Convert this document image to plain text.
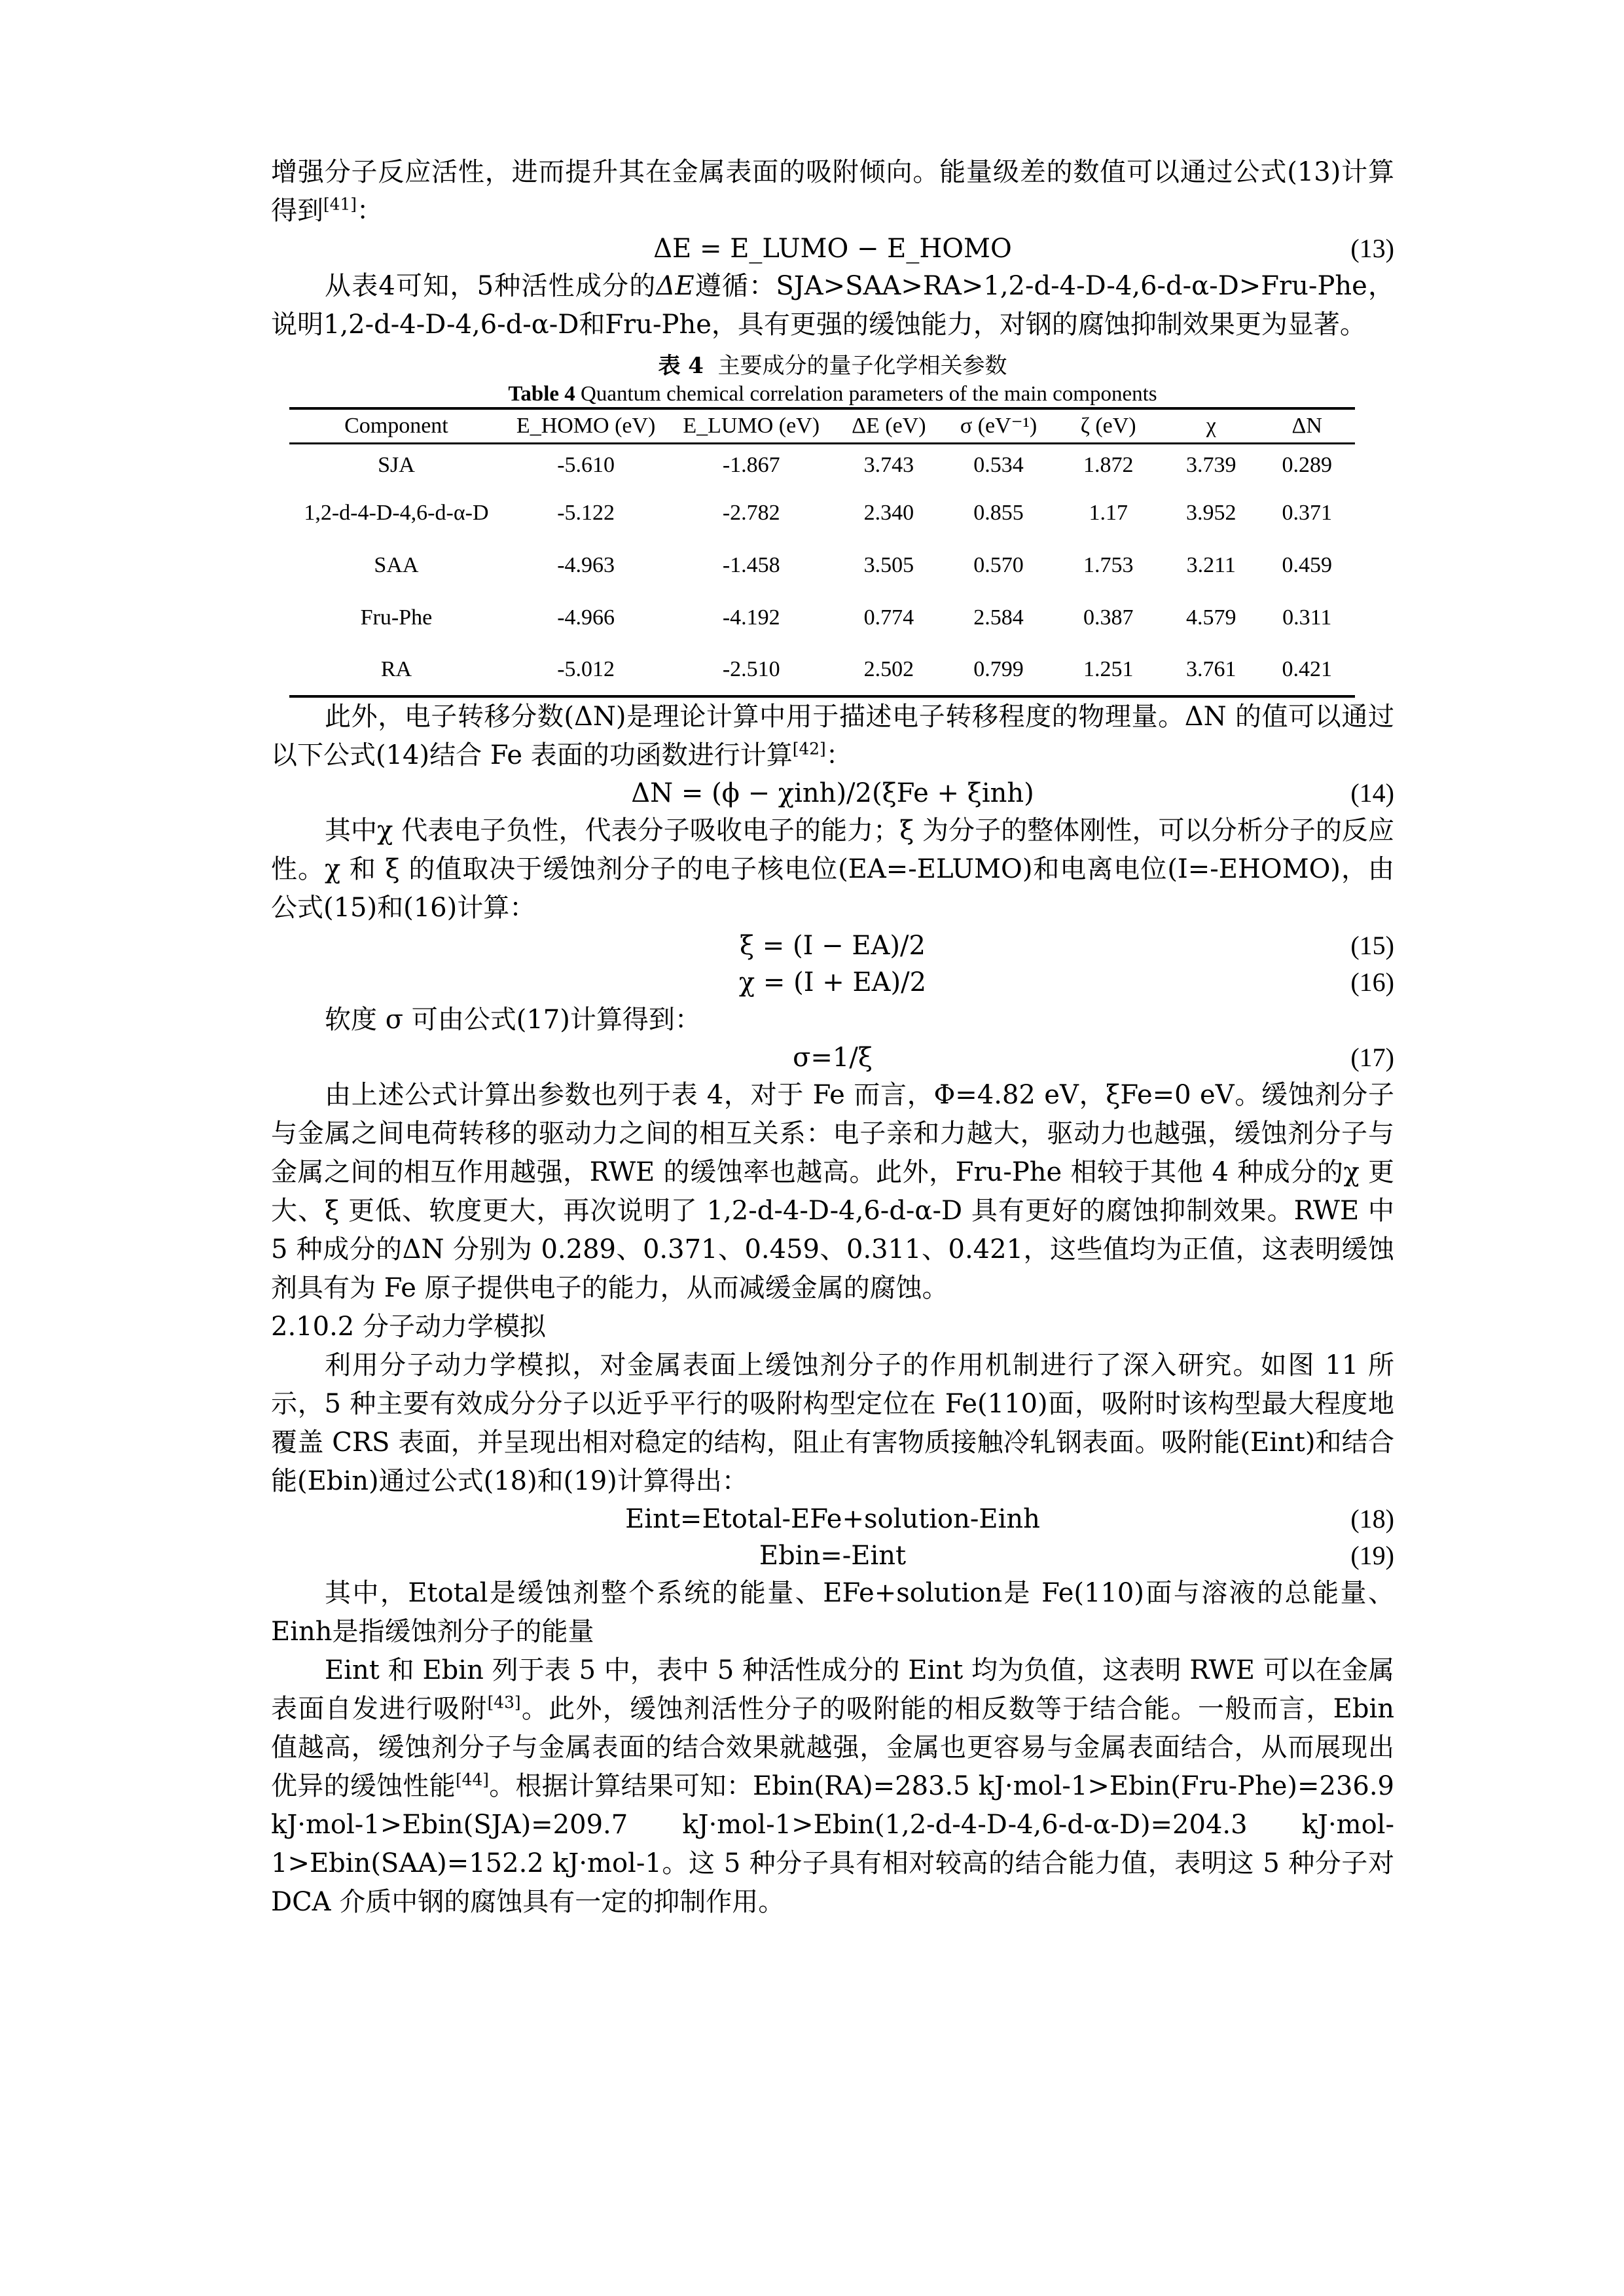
增强分子反应活性，进而提升其在金属表面的吸附倾向。能量级差的数值可以通过公式(13)计算得到[41]：

ΔE = E_LUMO − E_HOMO	(13)

从表4可知，5种活性成分的ΔE遵循：SJA>SAA>RA>1,2-d-4-D-4,6-d-α-D>Fru-Phe，说明1,2-d-4-D-4,6-d-α-D和Fru-Phe，具有更强的缓蚀能力，对钢的腐蚀抑制效果更为显著。

表 4 主要成分的量子化学相关参数
Table 4 Quantum chemical correlation parameters of the main components
Component	E_HOMO (eV)	E_LUMO (eV)	ΔE (eV)	σ (eV⁻¹)	ζ (eV)	χ	ΔN
SJA	-5.610	-1.867	3.743	0.534	1.872	3.739	0.289
1,2-d-4-D-4,6-d-α-D	-5.122	-2.782	2.340	0.855	1.17	3.952	0.371
SAA	-4.963	-1.458	3.505	0.570	1.753	3.211	0.459
Fru-Phe	-4.966	-4.192	0.774	2.584	0.387	4.579	0.311
RA	-5.012	-2.510	2.502	0.799	1.251	3.761	0.421

此外，电子转移分数(ΔN)是理论计算中用于描述电子转移程度的物理量。ΔN 的值可以通过以下公式(14)结合 Fe 表面的功函数进行计算[42]：

ΔN = (ϕ − χinh)/2(ξFe + ξinh)	(14)

其中χ 代表电子负性，代表分子吸收电子的能力；ξ 为分子的整体刚性，可以分析分子的反应性。χ 和 ξ 的值取决于缓蚀剂分子的电子核电位(EA=-ELUMO)和电离电位(I=-EHOMO)，由公式(15)和(16)计算：

ξ = (I − EA)/2	(15)
χ = (I + EA)/2	(16)

软度 σ 可由公式(17)计算得到：

σ=1/ξ	(17)

由上述公式计算出参数也列于表 4，对于 Fe 而言，Φ=4.82 eV，ξFe=0 eV。缓蚀剂分子与金属之间电荷转移的驱动力之间的相互关系：电子亲和力越大，驱动力也越强，缓蚀剂分子与金属之间的相互作用越强，RWE 的缓蚀率也越高。此外，Fru-Phe 相较于其他 4 种成分的χ 更大、ξ 更低、软度更大，再次说明了 1,2-d-4-D-4,6-d-α-D 具有更好的腐蚀抑制效果。RWE 中 5 种成分的ΔN 分别为 0.289、0.371、0.459、0.311、0.421，这些值均为正值，这表明缓蚀剂具有为 Fe 原子提供电子的能力，从而减缓金属的腐蚀。

2.10.2 分子动力学模拟

利用分子动力学模拟，对金属表面上缓蚀剂分子的作用机制进行了深入研究。如图 11 所示，5 种主要有效成分分子以近乎平行的吸附构型定位在 Fe(110)面，吸附时该构型最大程度地覆盖 CRS 表面，并呈现出相对稳定的结构，阻止有害物质接触冷轧钢表面。吸附能(Eint)和结合能(Ebin)通过公式(18)和(19)计算得出：

Eint=Etotal-EFe+solution-Einh	(18)
Ebin=-Eint	(19)

其中，Etotal是缓蚀剂整个系统的能量、EFe+solution是 Fe(110)面与溶液的总能量、Einh是指缓蚀剂分子的能量

Eint 和 Ebin 列于表 5 中，表中 5 种活性成分的 Eint 均为负值，这表明 RWE 可以在金属表面自发进行吸附[43]。此外，缓蚀剂活性分子的吸附能的相反数等于结合能。一般而言，Ebin 值越高，缓蚀剂分子与金属表面的结合效果就越强，金属也更容易与金属表面结合，从而展现出优异的缓蚀性能[44]。根据计算结果可知：Ebin(RA)=283.5 kJ·mol-1>Ebin(Fru-Phe)=236.9 kJ·mol-1>Ebin(SJA)=209.7 kJ·mol-1>Ebin(1,2-d-4-D-4,6-d-α-D)=204.3 kJ·mol-1>Ebin(SAA)=152.2 kJ·mol-1。这 5 种分子具有相对较高的结合能力值，表明这 5 种分子对 DCA 介质中钢的腐蚀具有一定的抑制作用。
